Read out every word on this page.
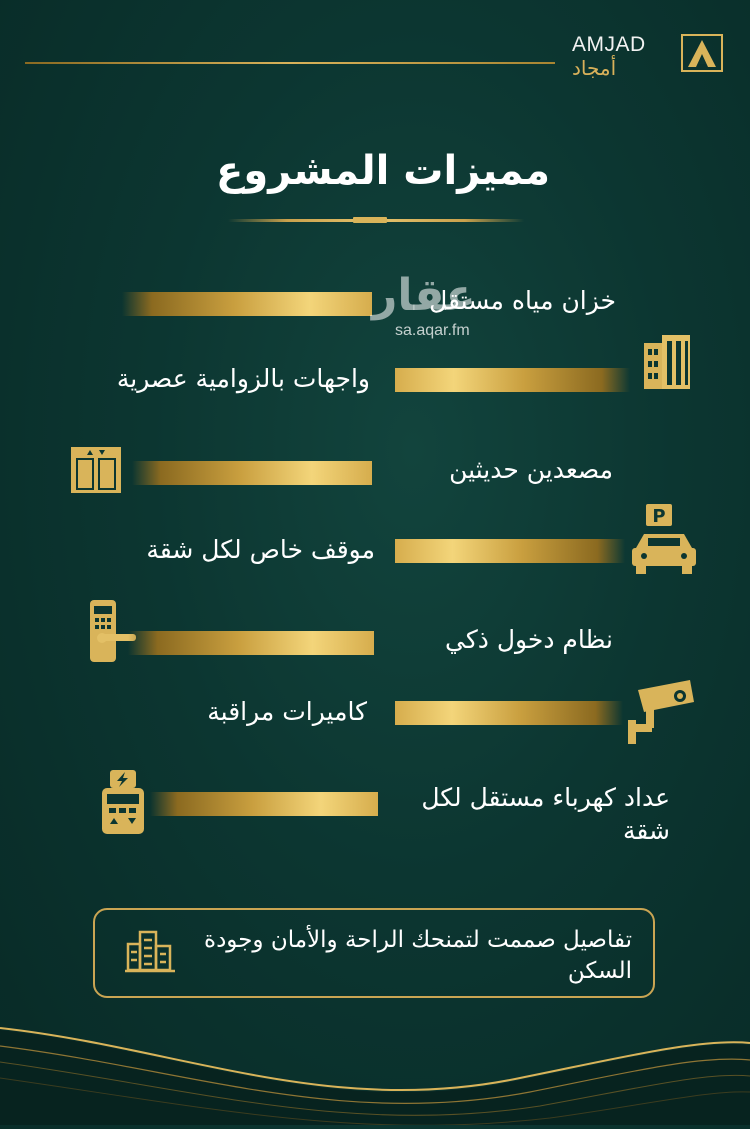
AMJAD
أمجاد
مميزات المشروع
خزان مياه مستقل
عقار
sa.aqar.fm
واجهات بالزوامية عصرية
مصعدين حديثين
P
موقف خاص لكل شقة
نظام دخول ذكي
كاميرات مراقبة
عداد كهرباء مستقل لكل شقة
تفاصيل صممت لتمنحك الراحة والأمان وجودة السكن
